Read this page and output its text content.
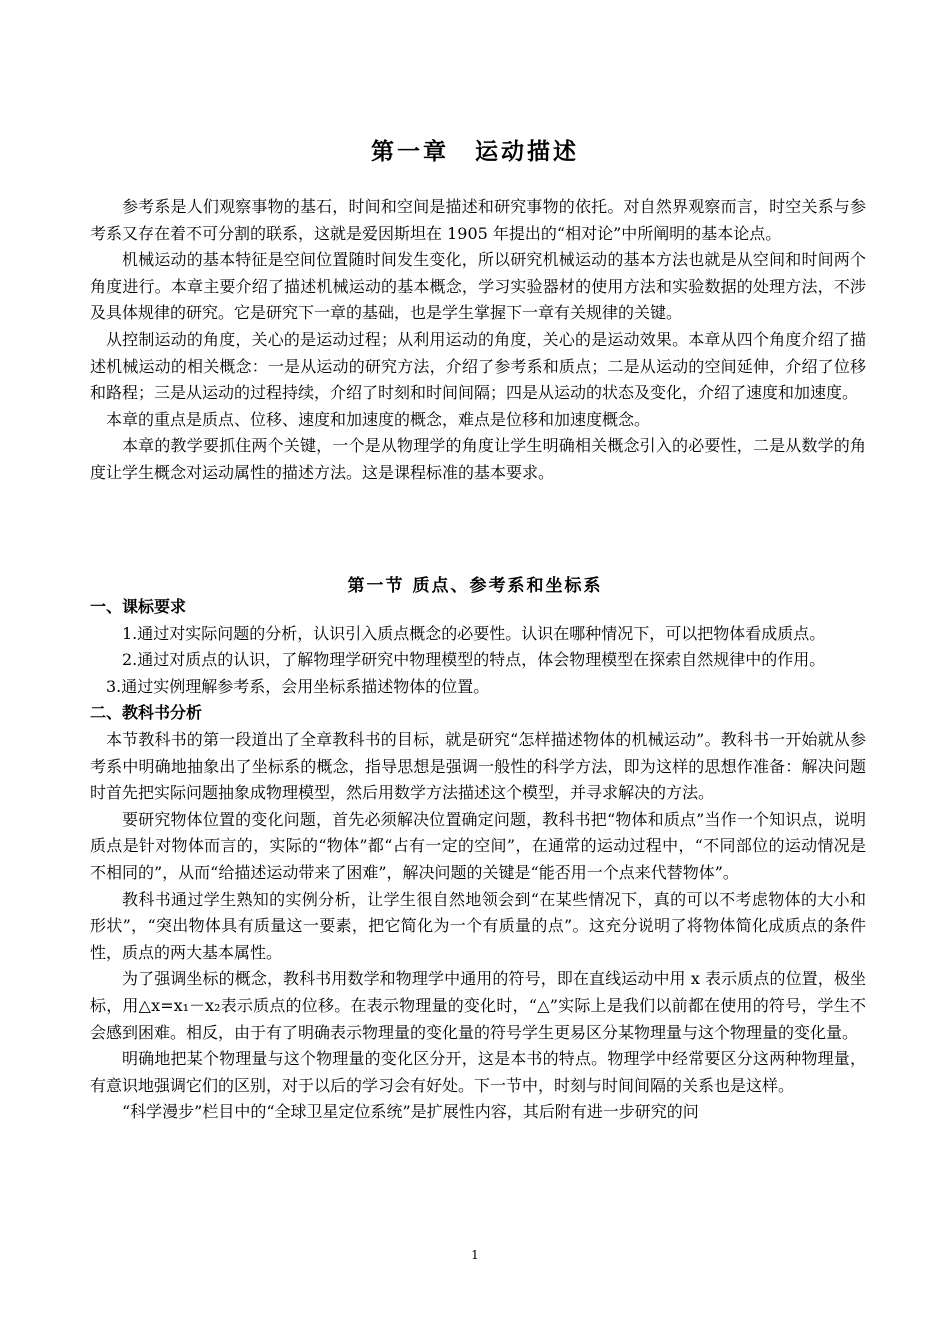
第一章　运动描述

参考系是人们观察事物的基石，时间和空间是描述和研究事物的依托。对自然界观察而言，时空关系与参考系又存在着不可分割的联系，这就是爱因斯坦在 1905 年提出的“相对论”中所阐明的基本论点。

机械运动的基本特征是空间位置随时间发生变化，所以研究机械运动的基本方法也就是从空间和时间两个角度进行。本章主要介绍了描述机械运动的基本概念，学习实验器材的使用方法和实验数据的处理方法，不涉及具体规律的研究。它是研究下一章的基础，也是学生掌握下一章有关规律的关键。

从控制运动的角度，关心的是运动过程；从利用运动的角度，关心的是运动效果。本章从四个角度介绍了描述机械运动的相关概念：一是从运动的研究方法，介绍了参考系和质点；二是从运动的空间延伸，介绍了位移和路程；三是从运动的过程持续，介绍了时刻和时间间隔；四是从运动的状态及变化，介绍了速度和加速度。

本章的重点是质点、位移、速度和加速度的概念，难点是位移和加速度概念。

本章的教学要抓住两个关键，一个是从物理学的角度让学生明确相关概念引入的必要性，二是从数学的角度让学生概念对运动属性的描述方法。这是课程标准的基本要求。

第一节 质点、参考系和坐标系

一、课标要求

1.通过对实际问题的分析，认识引入质点概念的必要性。认识在哪种情况下，可以把物体看成质点。

2.通过对质点的认识，了解物理学研究中物理模型的特点，体会物理模型在探索自然规律中的作用。

3.通过实例理解参考系，会用坐标系描述物体的位置。

二、教科书分析

本节教科书的第一段道出了全章教科书的目标，就是研究“怎样描述物体的机械运动”。教科书一开始就从参考系中明确地抽象出了坐标系的概念，指导思想是强调一般性的科学方法，即为这样的思想作准备：解决问题时首先把实际问题抽象成物理模型，然后用数学方法描述这个模型，并寻求解决的方法。

要研究物体位置的变化问题，首先必须解决位置确定问题，教科书把“物体和质点”当作一个知识点，说明质点是针对物体而言的，实际的“物体”都“占有一定的空间”，在通常的运动过程中，“不同部位的运动情况是不相同的”，从而“给描述运动带来了困难”，解决问题的关键是“能否用一个点来代替物体”。

教科书通过学生熟知的实例分析，让学生很自然地领会到“在某些情况下，真的可以不考虑物体的大小和形状”，“突出物体具有质量这一要素，把它简化为一个有质量的点”。这充分说明了将物体简化成质点的条件性，质点的两大基本属性。

为了强调坐标的概念，教科书用数学和物理学中通用的符号，即在直线运动中用 x 表示质点的位置，极坐标，用△x=x₁－x₂表示质点的位移。在表示物理量的变化时，“△”实际上是我们以前都在使用的符号，学生不会感到困难。相反，由于有了明确表示物理量的变化量的符号学生更易区分某物理量与这个物理量的变化量。

明确地把某个物理量与这个物理量的变化区分开，这是本书的特点。物理学中经常要区分这两种物理量，有意识地强调它们的区别，对于以后的学习会有好处。下一节中，时刻与时间间隔的关系也是这样。

“科学漫步”栏目中的“全球卫星定位系统”是扩展性内容，其后附有进一步研究的问

1
